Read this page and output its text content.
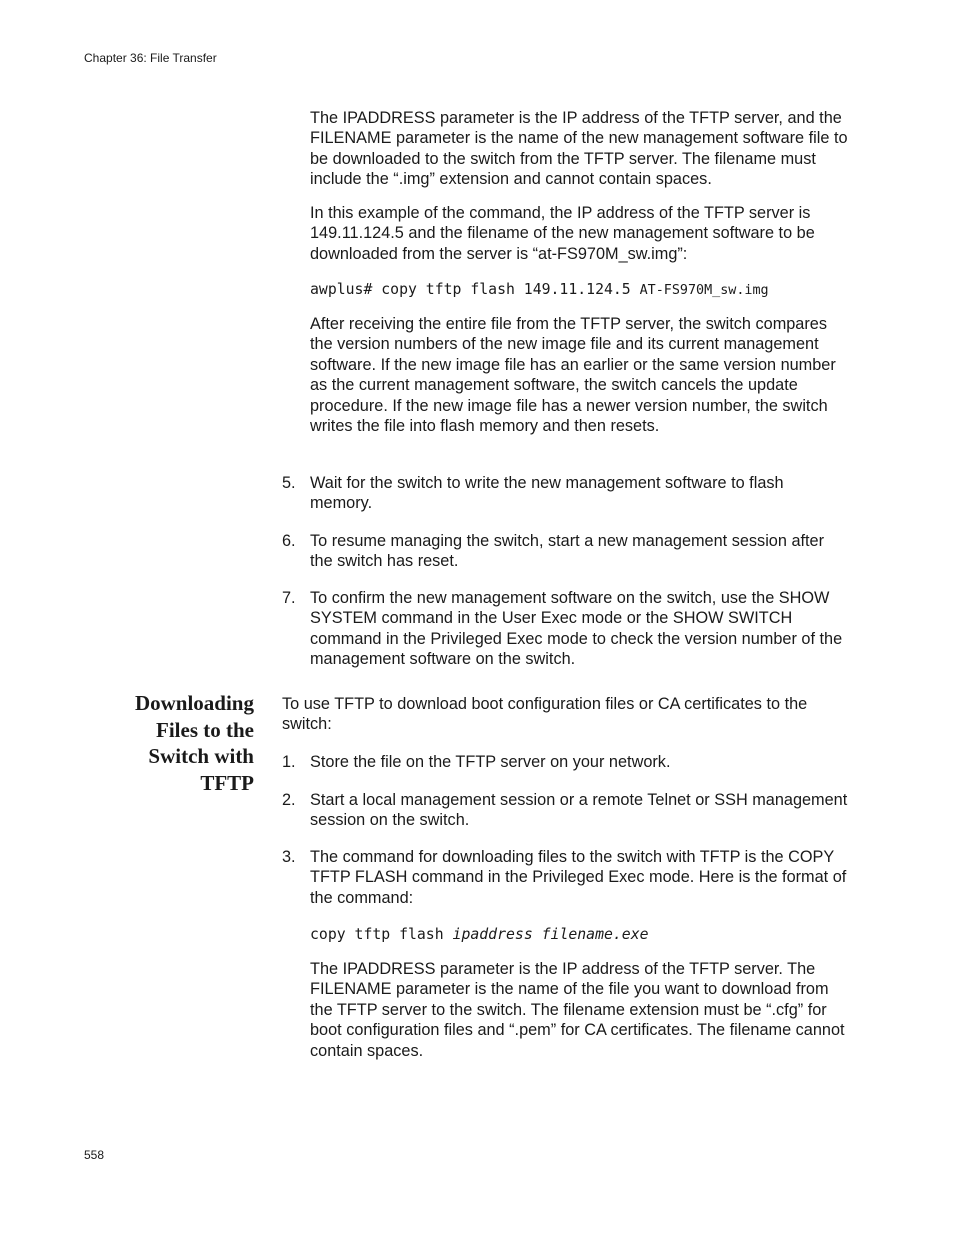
Chapter 36: File Transfer
The IPADDRESS parameter is the IP address of the TFTP server, and the FILENAME parameter is the name of the new management software file to be downloaded to the switch from the TFTP server. The filename must include the “.img” extension and cannot contain spaces.
In this example of the command, the IP address of the TFTP server is 149.11.124.5 and the filename of the new management software to be downloaded from the server is “at-FS970M_sw.img”:
awplus# copy tftp flash 149.11.124.5 AT-FS970M_sw.img
After receiving the entire file from the TFTP server, the switch compares the version numbers of the new image file and its current management software. If the new image file has an earlier or the same version number as the current management software, the switch cancels the update procedure. If the new image file has a newer version number, the switch writes the file into flash memory and then resets.
5. Wait for the switch to write the new management software to flash memory.
6. To resume managing the switch, start a new management session after the switch has reset.
7. To confirm the new management software on the switch, use the SHOW SYSTEM command in the User Exec mode or the SHOW SWITCH command in the Privileged Exec mode to check the version number of the management software on the switch.
Downloading
Files to the
Switch with
TFTP
To use TFTP to download boot configuration files or CA certificates to the switch:
1. Store the file on the TFTP server on your network.
2. Start a local management session or a remote Telnet or SSH management session on the switch.
3. The command for downloading files to the switch with TFTP is the COPY TFTP FLASH command in the Privileged Exec mode. Here is the format of the command:
copy tftp flash ipaddress filename.exe
The IPADDRESS parameter is the IP address of the TFTP server. The FILENAME parameter is the name of the file you want to download from the TFTP server to the switch. The filename extension must be “.cfg” for boot configuration files and “.pem” for CA certificates. The filename cannot contain spaces.
558
